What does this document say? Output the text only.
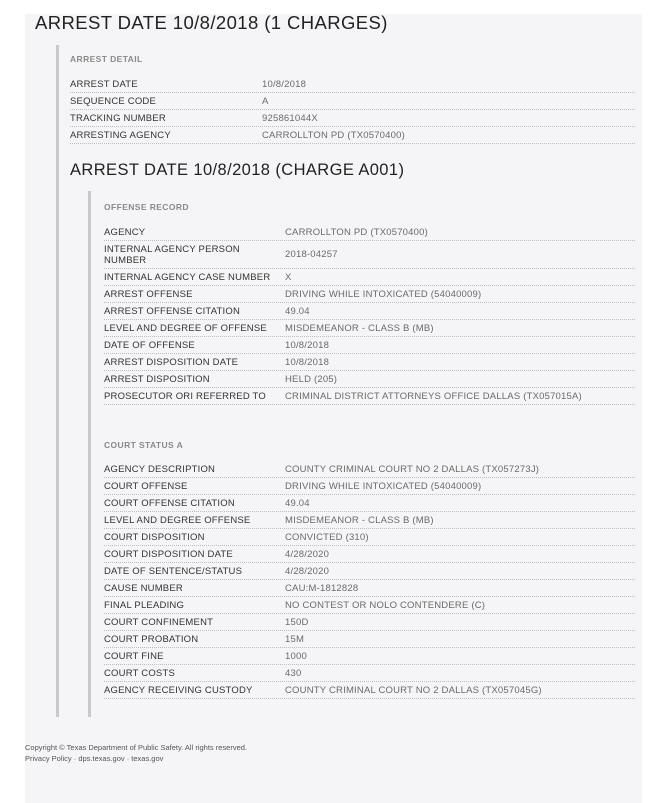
ARREST DATE 10/8/2018 (1 CHARGES)
ARREST DETAIL
ARREST DATE	10/8/2018
SEQUENCE CODE	A
TRACKING NUMBER	925861044X
ARRESTING AGENCY	CARROLLTON PD (TX0570400)
ARREST DATE 10/8/2018 (CHARGE A001)
OFFENSE RECORD
AGENCY	CARROLLTON PD (TX0570400)
INTERNAL AGENCY PERSON NUMBER	2018-04257
INTERNAL AGENCY CASE NUMBER	X
ARREST OFFENSE	DRIVING WHILE INTOXICATED (54040009)
ARREST OFFENSE CITATION	49.04
LEVEL AND DEGREE OF OFFENSE	MISDEMEANOR - CLASS B (MB)
DATE OF OFFENSE	10/8/2018
ARREST DISPOSITION DATE	10/8/2018
ARREST DISPOSITION	HELD (205)
PROSECUTOR ORI REFERRED TO	CRIMINAL DISTRICT ATTORNEYS OFFICE DALLAS (TX057015A)
COURT STATUS A
AGENCY DESCRIPTION	COUNTY CRIMINAL COURT NO 2 DALLAS (TX057273J)
COURT OFFENSE	DRIVING WHILE INTOXICATED (54040009)
COURT OFFENSE CITATION	49.04
LEVEL AND DEGREE OFFENSE	MISDEMEANOR - CLASS B (MB)
COURT DISPOSITION	CONVICTED (310)
COURT DISPOSITION DATE	4/28/2020
DATE OF SENTENCE/STATUS	4/28/2020
CAUSE NUMBER	CAU:M-1812828
FINAL PLEADING	NO CONTEST OR NOLO CONTENDERE (C)
COURT CONFINEMENT	150D
COURT PROBATION	15M
COURT FINE	1000
COURT COSTS	430
AGENCY RECEIVING CUSTODY	COUNTY CRIMINAL COURT NO 2 DALLAS (TX057045G)
Copyright © Texas Department of Public Safety. All rights reserved.
Privacy Policy · dps.texas.gov · texas.gov
